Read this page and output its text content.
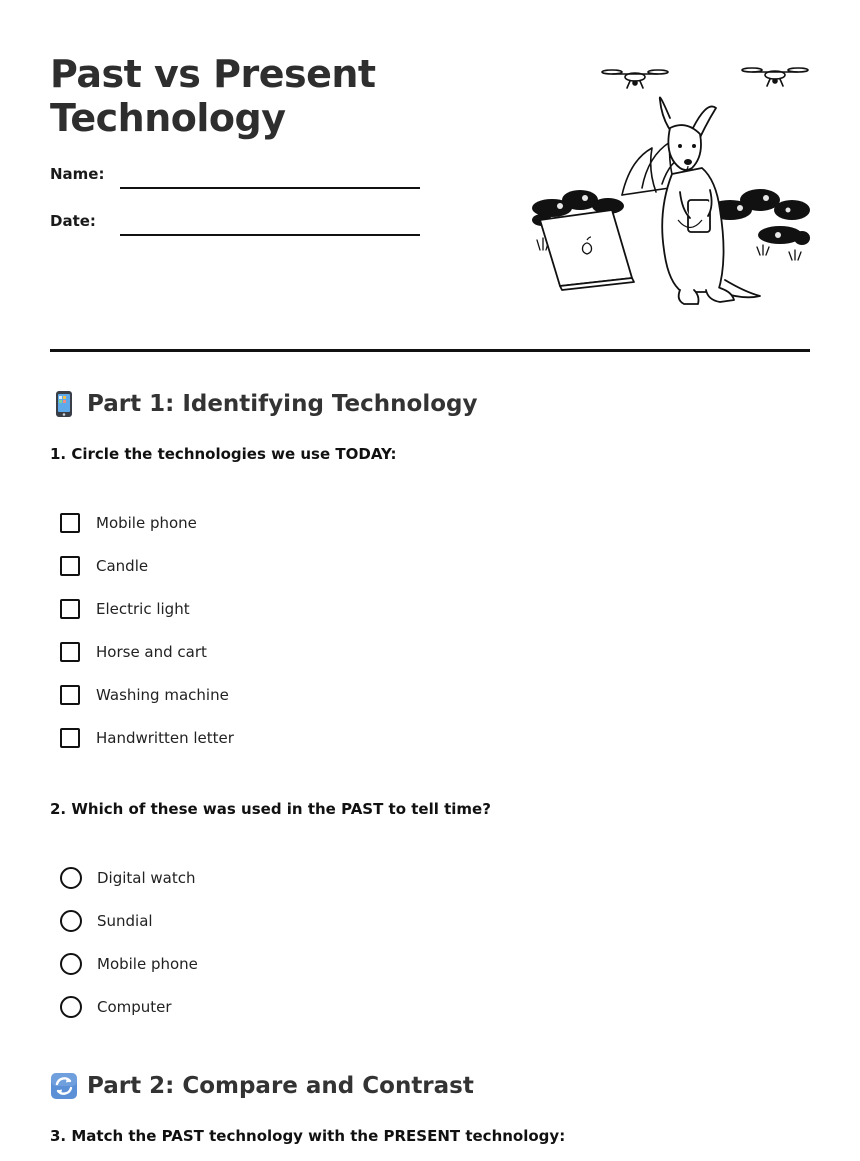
Past vs Present Technology
Name:
Date:
Part 1: Identifying Technology

1. Circle the technologies we use TODAY:

Mobile phone
Candle
Electric light
Horse and cart
Washing machine
Handwritten letter

2. Which of these was used in the PAST to tell time?

Digital watch
Sundial
Mobile phone
Computer
Part 2: Compare and Contrast

3. Match the PAST technology with the PRESENT technology:
